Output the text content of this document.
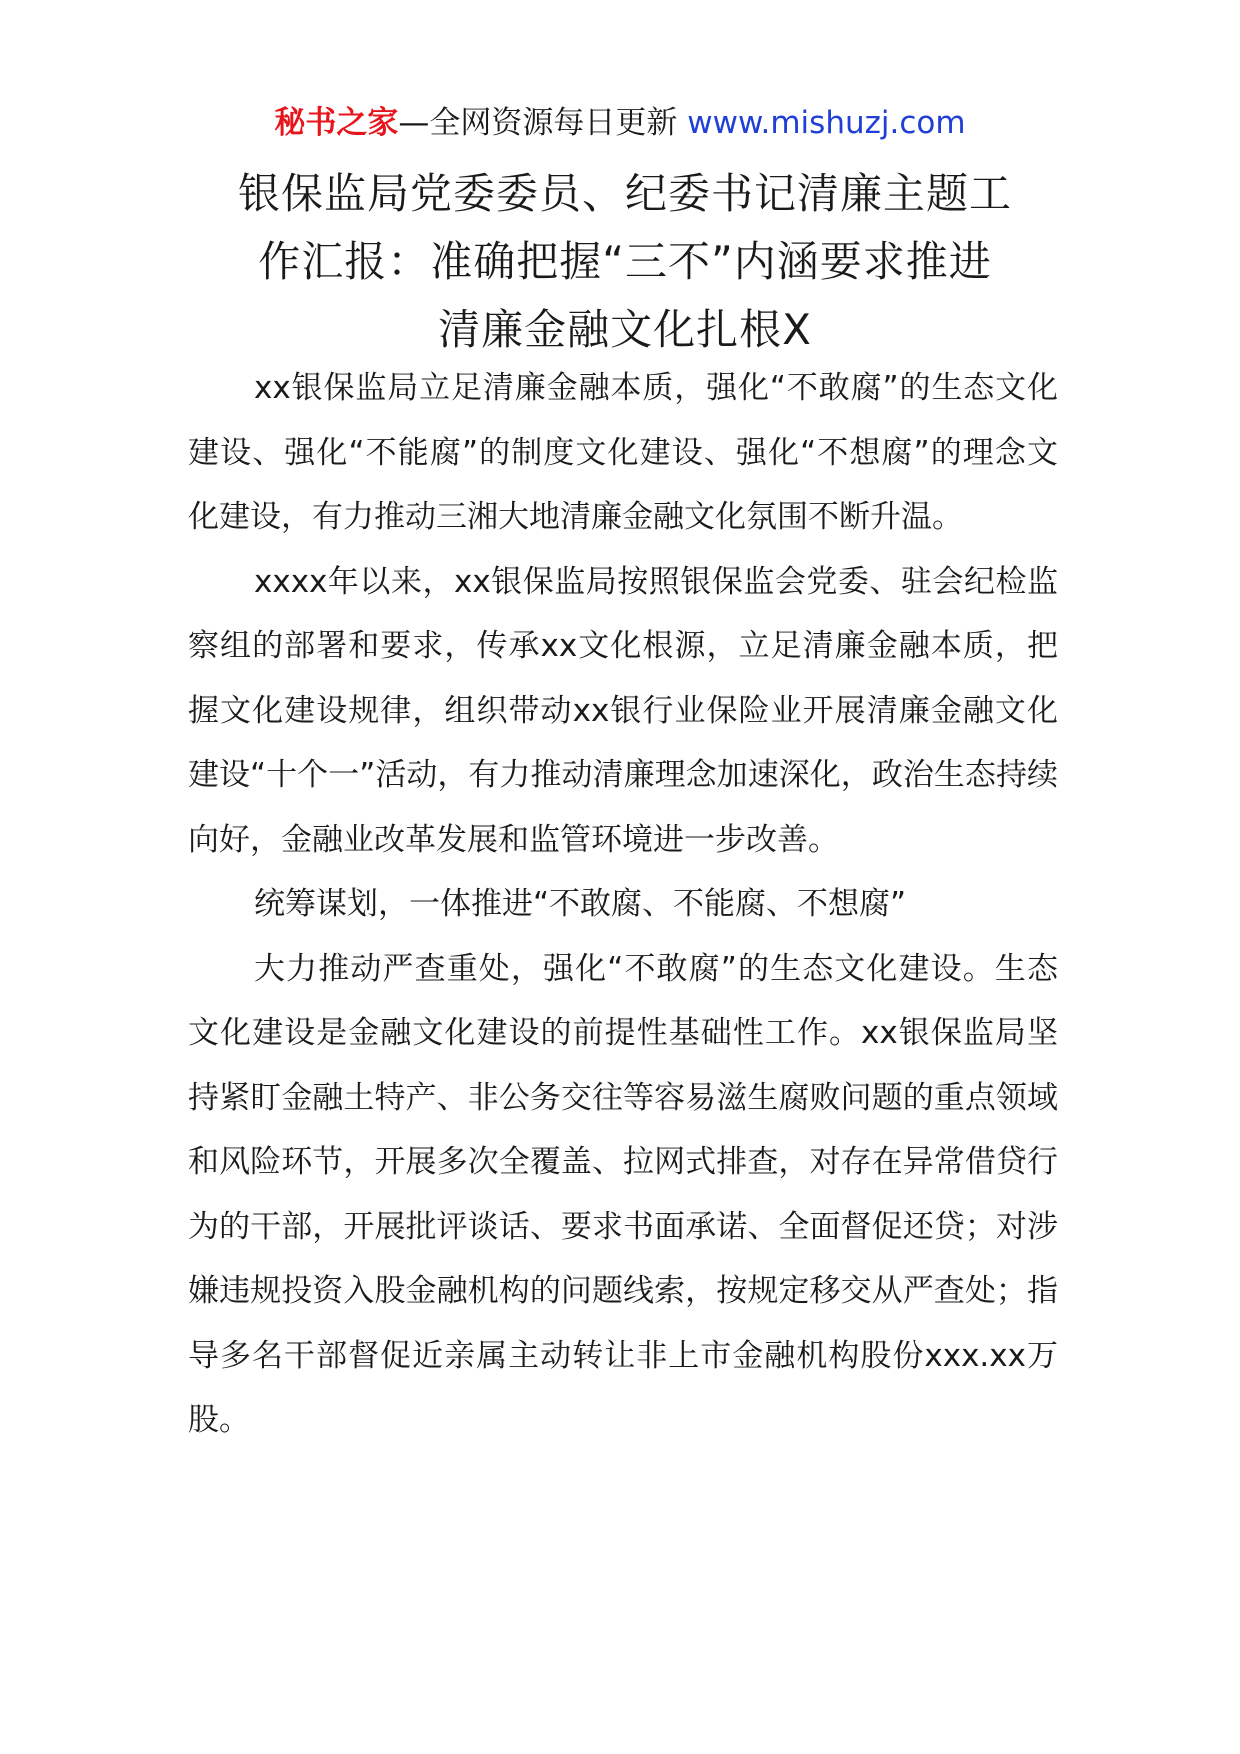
秘书之家—全网资源每日更新 www.mishuzj.com
银保监局党委委员、纪委书记清廉主题工
作汇报：准确把握“三不”内涵要求推进
清廉金融文化扎根X

xx银保监局立足清廉金融本质，强化“不敢腐”的生态文化建设、强化“不能腐”的制度文化建设、强化“不想腐”的理念文化建设，有力推动三湘大地清廉金融文化氛围不断升温。

xxxx年以来，xx银保监局按照银保监会党委、驻会纪检监察组的部署和要求，传承xx文化根源，立足清廉金融本质，把握文化建设规律，组织带动xx银行业保险业开展清廉金融文化建设“十个一”活动，有力推动清廉理念加速深化，政治生态持续向好，金融业改革发展和监管环境进一步改善。

统筹谋划，一体推进“不敢腐、不能腐、不想腐”

大力推动严查重处，强化“不敢腐”的生态文化建设。生态文化建设是金融文化建设的前提性基础性工作。xx银保监局坚持紧盯金融土特产、非公务交往等容易滋生腐败问题的重点领域和风险环节，开展多次全覆盖、拉网式排查，对存在异常借贷行为的干部，开展批评谈话、要求书面承诺、全面督促还贷；对涉嫌违规投资入股金融机构的问题线索，按规定移交从严查处；指导多名干部督促近亲属主动转让非上市金融机构股份xxx.xx万股。
